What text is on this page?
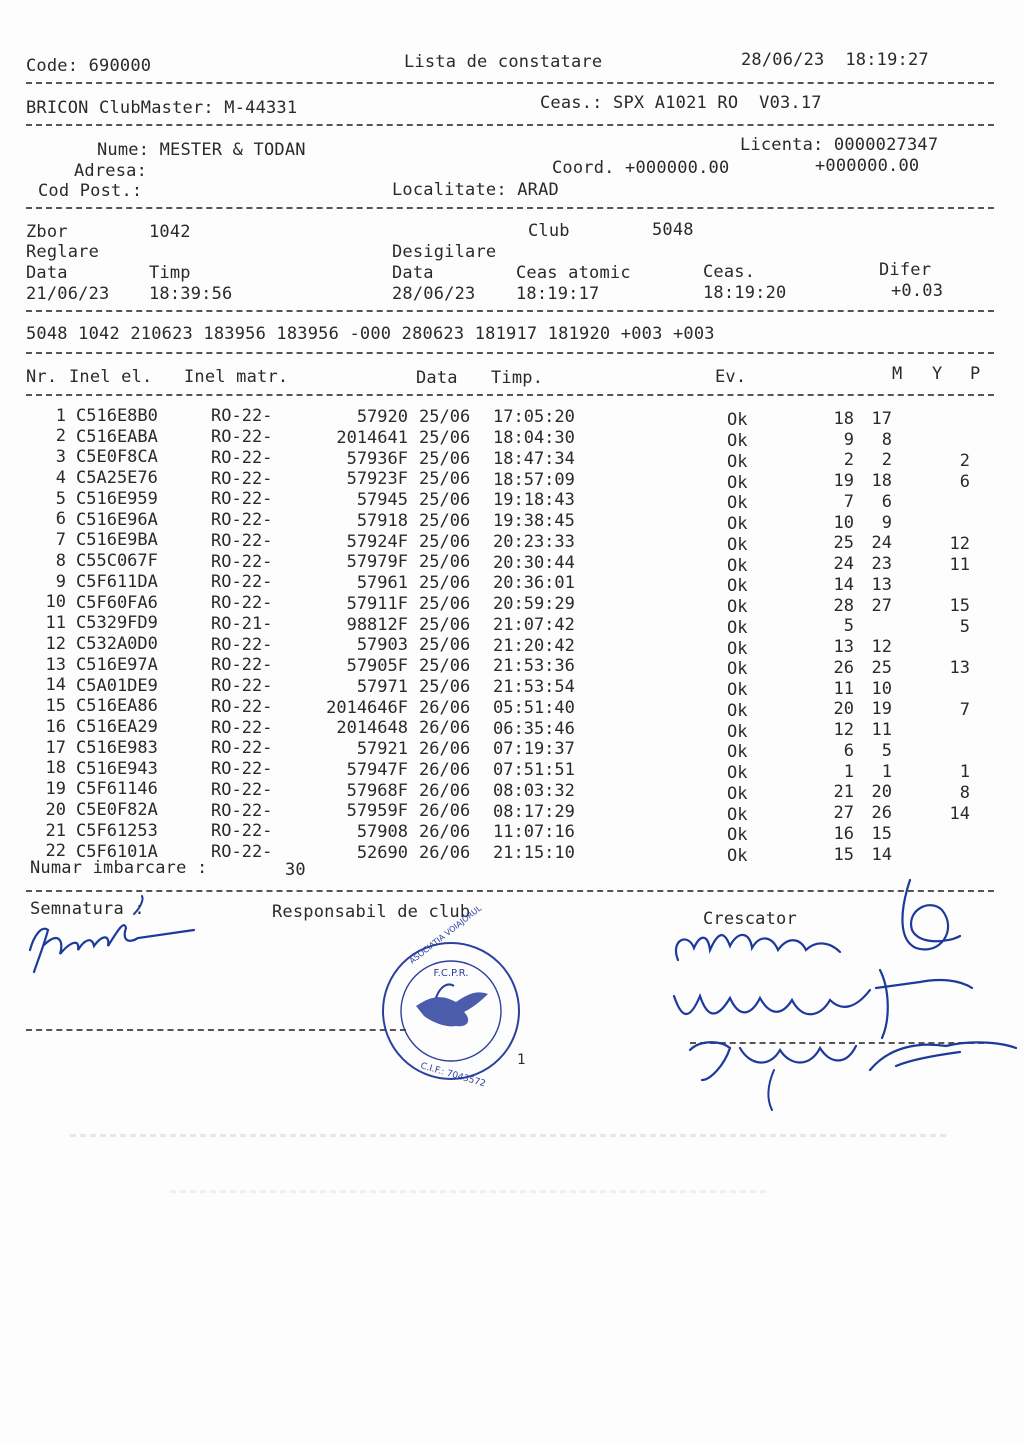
Code: 690000	Lista de constatare	28/06/23  18:19:27
BRICON ClubMaster: M-44331	Ceas.: SPX A1021 RO  V03.17
Nume: MESTER & TODAN	Licenta: 0000027347
Adresa:	Coord. +000000.00	+000000.00
Cod Post.:	Localitate: ARAD
Zbor	1042	Club	5048
Reglare	Desigilare
Data	Timp	Data	Ceas atomic	Ceas.	Difer
21/06/23 18:39:56	28/06/23 18:19:17	18:19:20	+0.03
5048 1042 210623 183956 183956 -000 280623 181917 181920 +003 +003
Nr. Inel el. Inel matr.	Data Timp.	Ev.	M Y P
1 C516E8B0	RO-22-	57920 25/06 17:05:20	Ok	18 17
2 C516EABA	RO-22-	2014641 25/06 18:04:30	Ok	9 8
3 C5E0F8CA	RO-22-	57936F 25/06 18:47:34	Ok	2 2	2
4 C5A25E76	RO-22-	57923F 25/06 18:57:09	Ok	19 18	6
5 C516E959	RO-22-	57945 25/06 19:18:43	Ok	7 6
6 C516E96A	RO-22-	57918 25/06 19:38:45	Ok	10 9
7 C516E9BA	RO-22-	57924F 25/06 20:23:33	Ok	25 24	12
8 C55C067F	RO-22-	57979F 25/06 20:30:44	Ok	24 23	11
9 C5F611DA	RO-22-	57961 25/06 20:36:01	Ok	14 13
10 C5F60FA6	RO-22-	57911F 25/06 20:59:29	Ok	28 27	15
11 C5329FD9	RO-21-	98812F 25/06 21:07:42	Ok	5	5
12 C532A0D0	RO-22-	57903 25/06 21:20:42	Ok	13 12
13 C516E97A	RO-22-	57905F 25/06 21:53:36	Ok	26 25	13
14 C5A01DE9	RO-22-	57971 25/06 21:53:54	Ok	11 10
15 C516EA86	RO-22-	2014646F 26/06 05:51:40	Ok	20 19	7
16 C516EA29	RO-22-	2014648 26/06 06:35:46	Ok	12 11
17 C516E983	RO-22-	57921 26/06 07:19:37	Ok	6 5
18 C516E943	RO-22-	57947F 26/06 07:51:51	Ok	1 1	1
19 C5F61146	RO-22-	57968F 26/06 08:03:32	Ok	21 20	8
20 C5E0F82A	RO-22-	57959F 26/06 08:17:29	Ok	27 26	14
21 C5F61253	RO-22-	57908 26/06 11:07:16	Ok	16 15
22 C5F6101A	RO-22-	52690 26/06 21:15:10	Ok	15 14
Numar imbarcare :	30
Semnatura :	Responsabil de club	Crescator
1
F.C.P.R.
ASOCIATIA VOIAJORUL
C.I.F.: 7043572
